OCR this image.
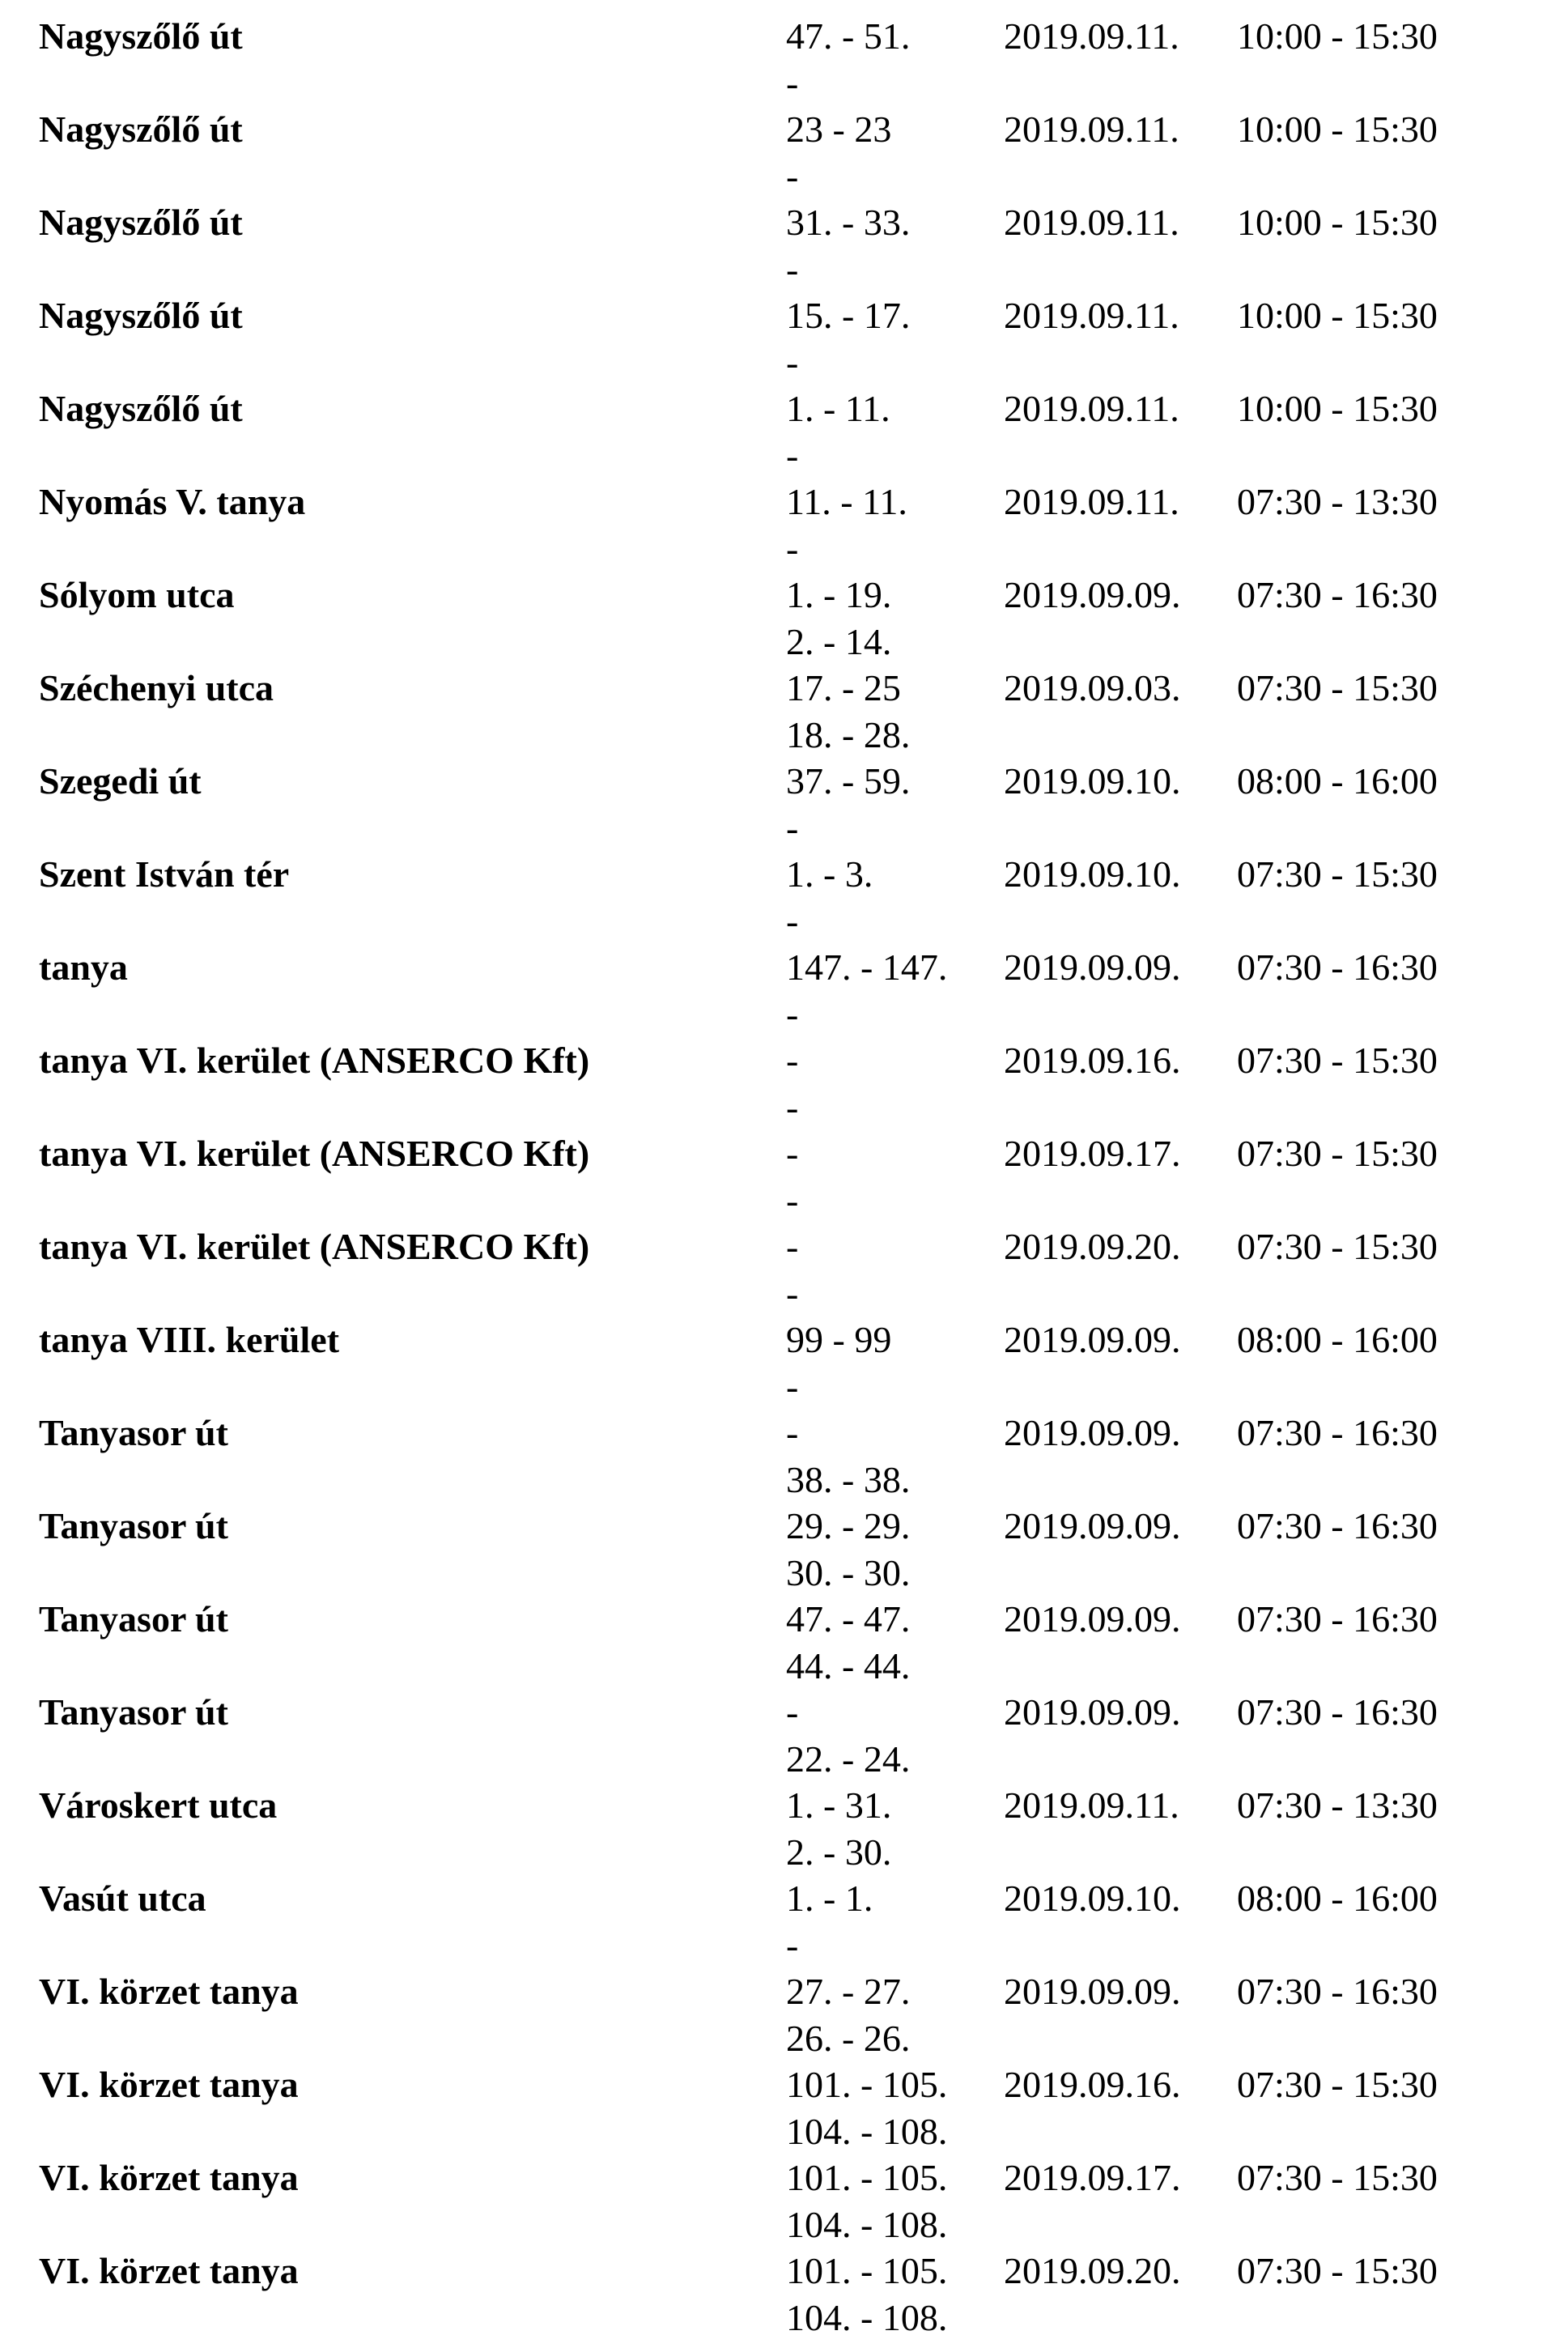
Nagyszőlő út	47. - 51.
-
2019.09.11. 10:00 - 15:30
Nagyszőlő út	23 - 23
-
2019.09.11. 10:00 - 15:30
Nagyszőlő út	31. - 33.
-
2019.09.11. 10:00 - 15:30
Nagyszőlő út	15. - 17.
-
2019.09.11. 10:00 - 15:30
Nagyszőlő út	1. - 11.
-
2019.09.11. 10:00 - 15:30
Nyomás V. tanya	11. - 11.
-
2019.09.11. 07:30 - 13:30
Sólyom utca	1. - 19.
2. - 14.
2019.09.09. 07:30 - 16:30
Széchenyi utca	17. - 25
18. - 28.
2019.09.03. 07:30 - 15:30
Szegedi út	37. - 59.
-
2019.09.10. 08:00 - 16:00
Szent István tér	1. - 3.
-
2019.09.10. 07:30 - 15:30
tanya	147. - 147.
-
2019.09.09. 07:30 - 16:30
tanya VI. kerület (ANSERCO Kft)	-
-
2019.09.16. 07:30 - 15:30
tanya VI. kerület (ANSERCO Kft)	-
-
2019.09.17. 07:30 - 15:30
tanya VI. kerület (ANSERCO Kft)	-
-
2019.09.20. 07:30 - 15:30
tanya VIII. kerület	99 - 99
-
2019.09.09. 08:00 - 16:00
Tanyasor út	-
38. - 38.
2019.09.09. 07:30 - 16:30
Tanyasor út	29. - 29.
30. - 30.
2019.09.09. 07:30 - 16:30
Tanyasor út	47. - 47.
44. - 44.
2019.09.09. 07:30 - 16:30
Tanyasor út	-
22. - 24.
2019.09.09. 07:30 - 16:30
Városkert utca	1. - 31.
2. - 30.
2019.09.11. 07:30 - 13:30
Vasút utca	1. - 1.
-
2019.09.10. 08:00 - 16:00
VI. körzet tanya	27. - 27.
26. - 26.
2019.09.09. 07:30 - 16:30
VI. körzet tanya	101. - 105.
104. - 108.
2019.09.16. 07:30 - 15:30
VI. körzet tanya	101. - 105.
104. - 108.
2019.09.17. 07:30 - 15:30
VI. körzet tanya	101. - 105.
104. - 108.
2019.09.20. 07:30 - 15:30
